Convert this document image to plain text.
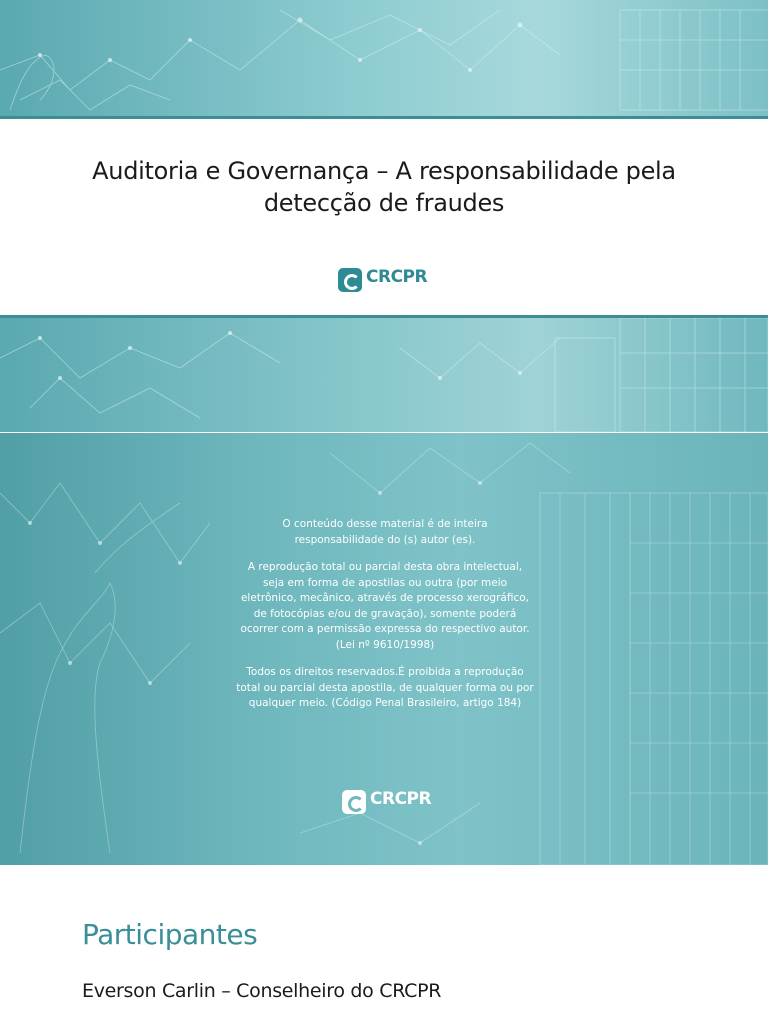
Auditoria e Governança – A responsabilidade pela detecção de fraudes
CRCPR

O conteúdo desse material é de inteira
responsabilidade do (s) autor (es).

A reprodução total ou parcial desta obra intelectual,
seja em forma de apostilas ou outra (por meio
eletrônico, mecânico, através de processo xerográfico,
de fotocópias e/ou de gravação), somente poderá
ocorrer com a permissão expressa do respectivo autor.
(Lei nº 9610/1998)

Todos os direitos reservados.É proibida a reprodução
total ou parcial desta apostila, de qualquer forma ou por
qualquer meio. (Código Penal Brasileiro, artigo 184)

CRCPR
Participantes
Everson Carlin – Conselheiro do CRCPR
